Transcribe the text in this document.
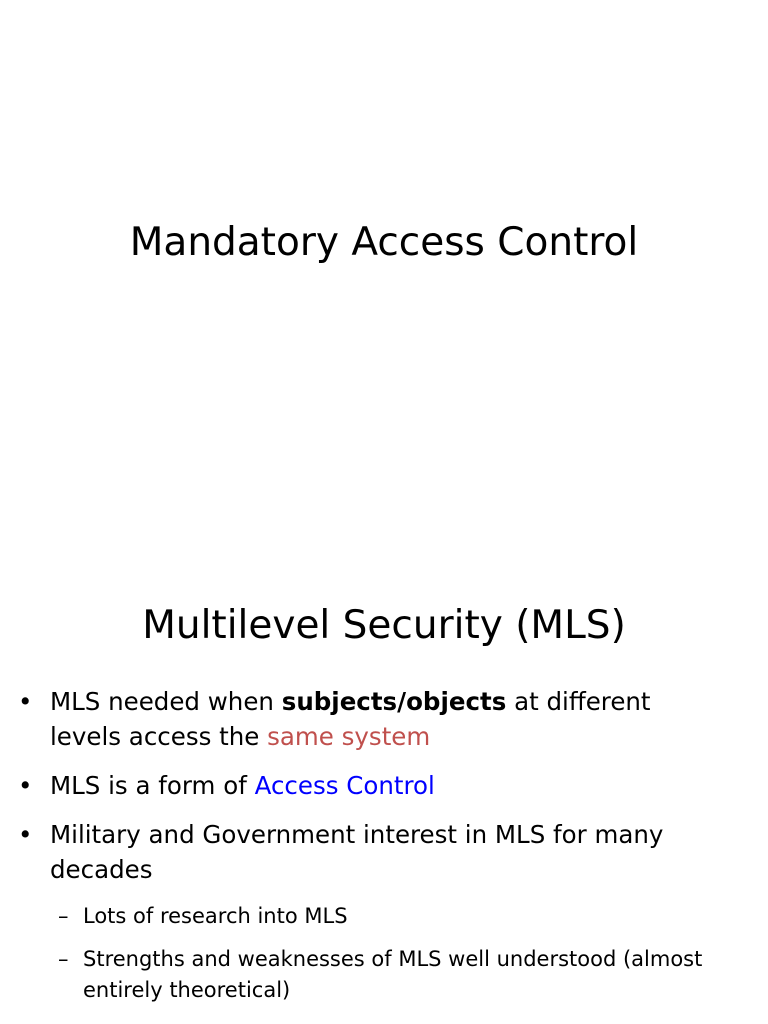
Mandatory Access Control
Multilevel Security (MLS)
• MLS needed when subjects/objects at different levels access the same system
• MLS is a form of Access Control
• Military and Government interest in MLS for many decades
– Lots of research into MLS
– Strengths and weaknesses of MLS well understood (almost entirely theoretical)
